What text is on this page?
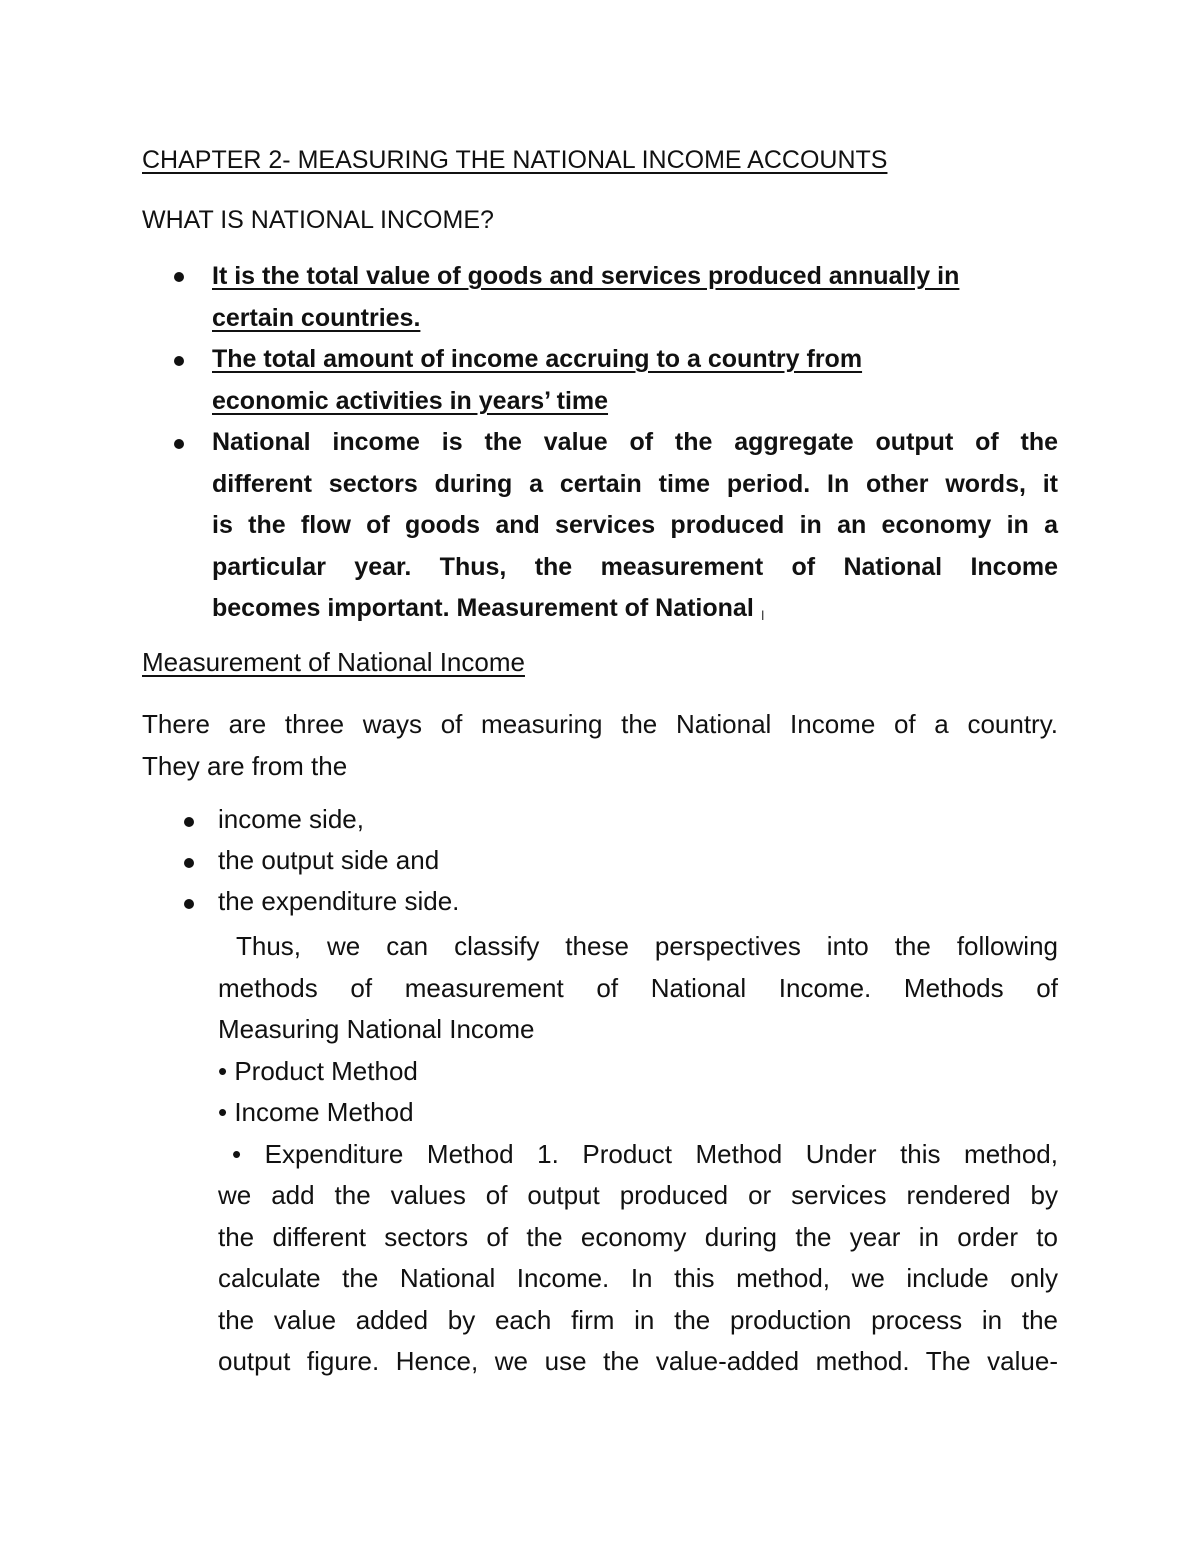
CHAPTER 2- MEASURING THE NATIONAL INCOME ACCOUNTS
WHAT IS NATIONAL INCOME?
It is the total value of goods and services produced annually in
certain countries.
The total amount of income accruing to a country from
economic activities in years’ time
National income is the value of the aggregate output of the
different sectors during a certain time period. In other words, it
is the flow of goods and services produced in an economy in a
particular year. Thus, the measurement of National Income
becomes important. Measurement of National I
Measurement of National Income
There are three ways of measuring the National Income of a country.
They are from the
income side,
the output side and
the expenditure side.
Thus, we can classify these perspectives into the following
methods of measurement of National Income. Methods of
Measuring National Income
• Product Method
• Income Method
• Expenditure Method 1. Product Method Under this method,
we add the values of output produced or services rendered by
the different sectors of the economy during the year in order to
calculate the National Income. In this method, we include only
the value added by each firm in the production process in the
output figure. Hence, we use the value-added method. The value-
